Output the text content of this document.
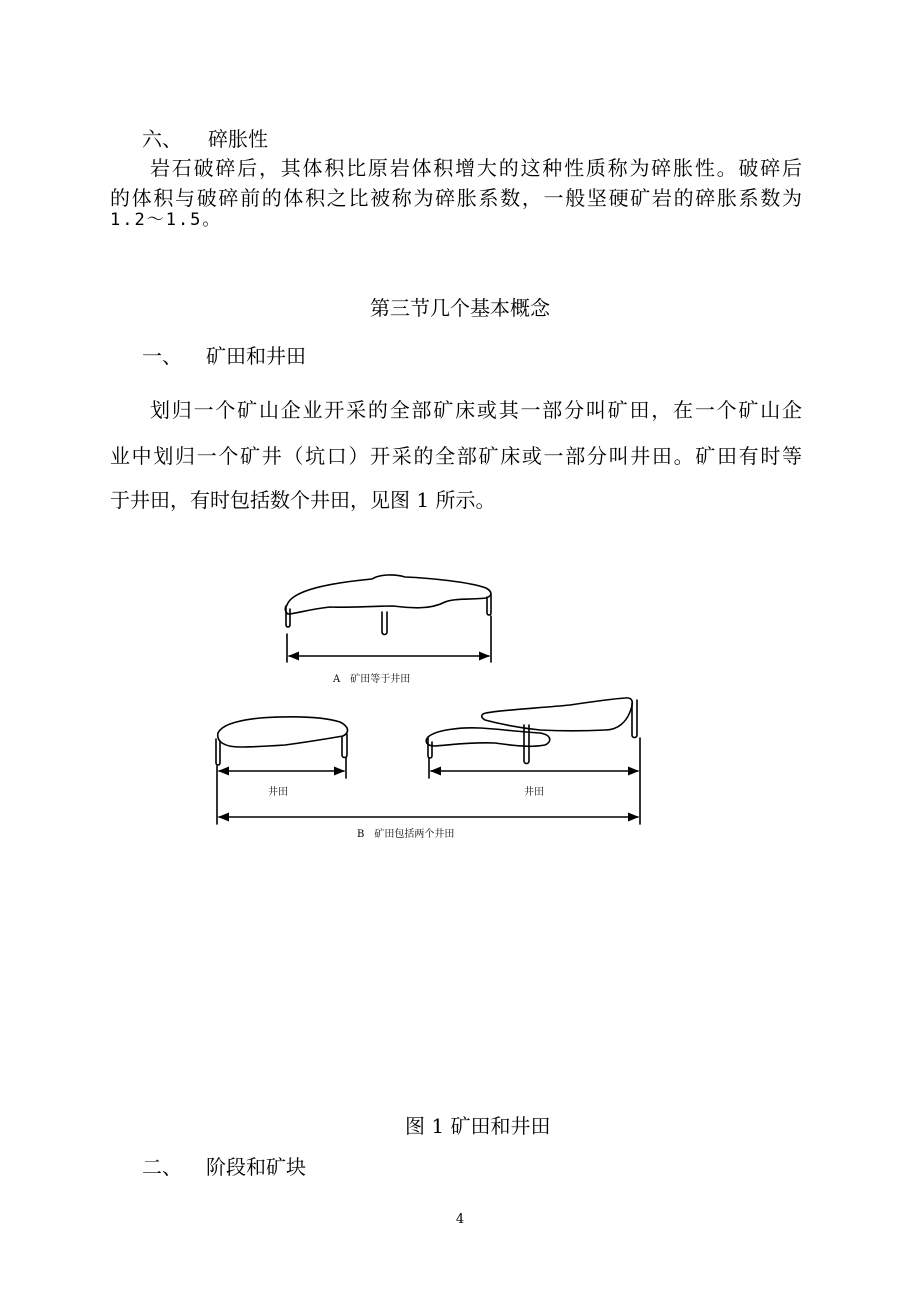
六、 碎胀性
岩石破碎后，其体积比原岩体积增大的这种性质称为碎胀性。破碎后
的体积与破碎前的体积之比被称为碎胀系数，一般坚硬矿岩的碎胀系数为
1.2～1.5。
第三节几个基本概念
一、 矿田和井田
划归一个矿山企业开采的全部矿床或其一部分叫矿田，在一个矿山企
业中划归一个矿井（坑口）开采的全部矿床或一部分叫井田。矿田有时等
于井田，有时包括数个井田，见图 1 所示。
A　矿田等于井田
井田	井田
B　矿田包括两个井田
图 1 矿田和井田
二、 阶段和矿块
4
